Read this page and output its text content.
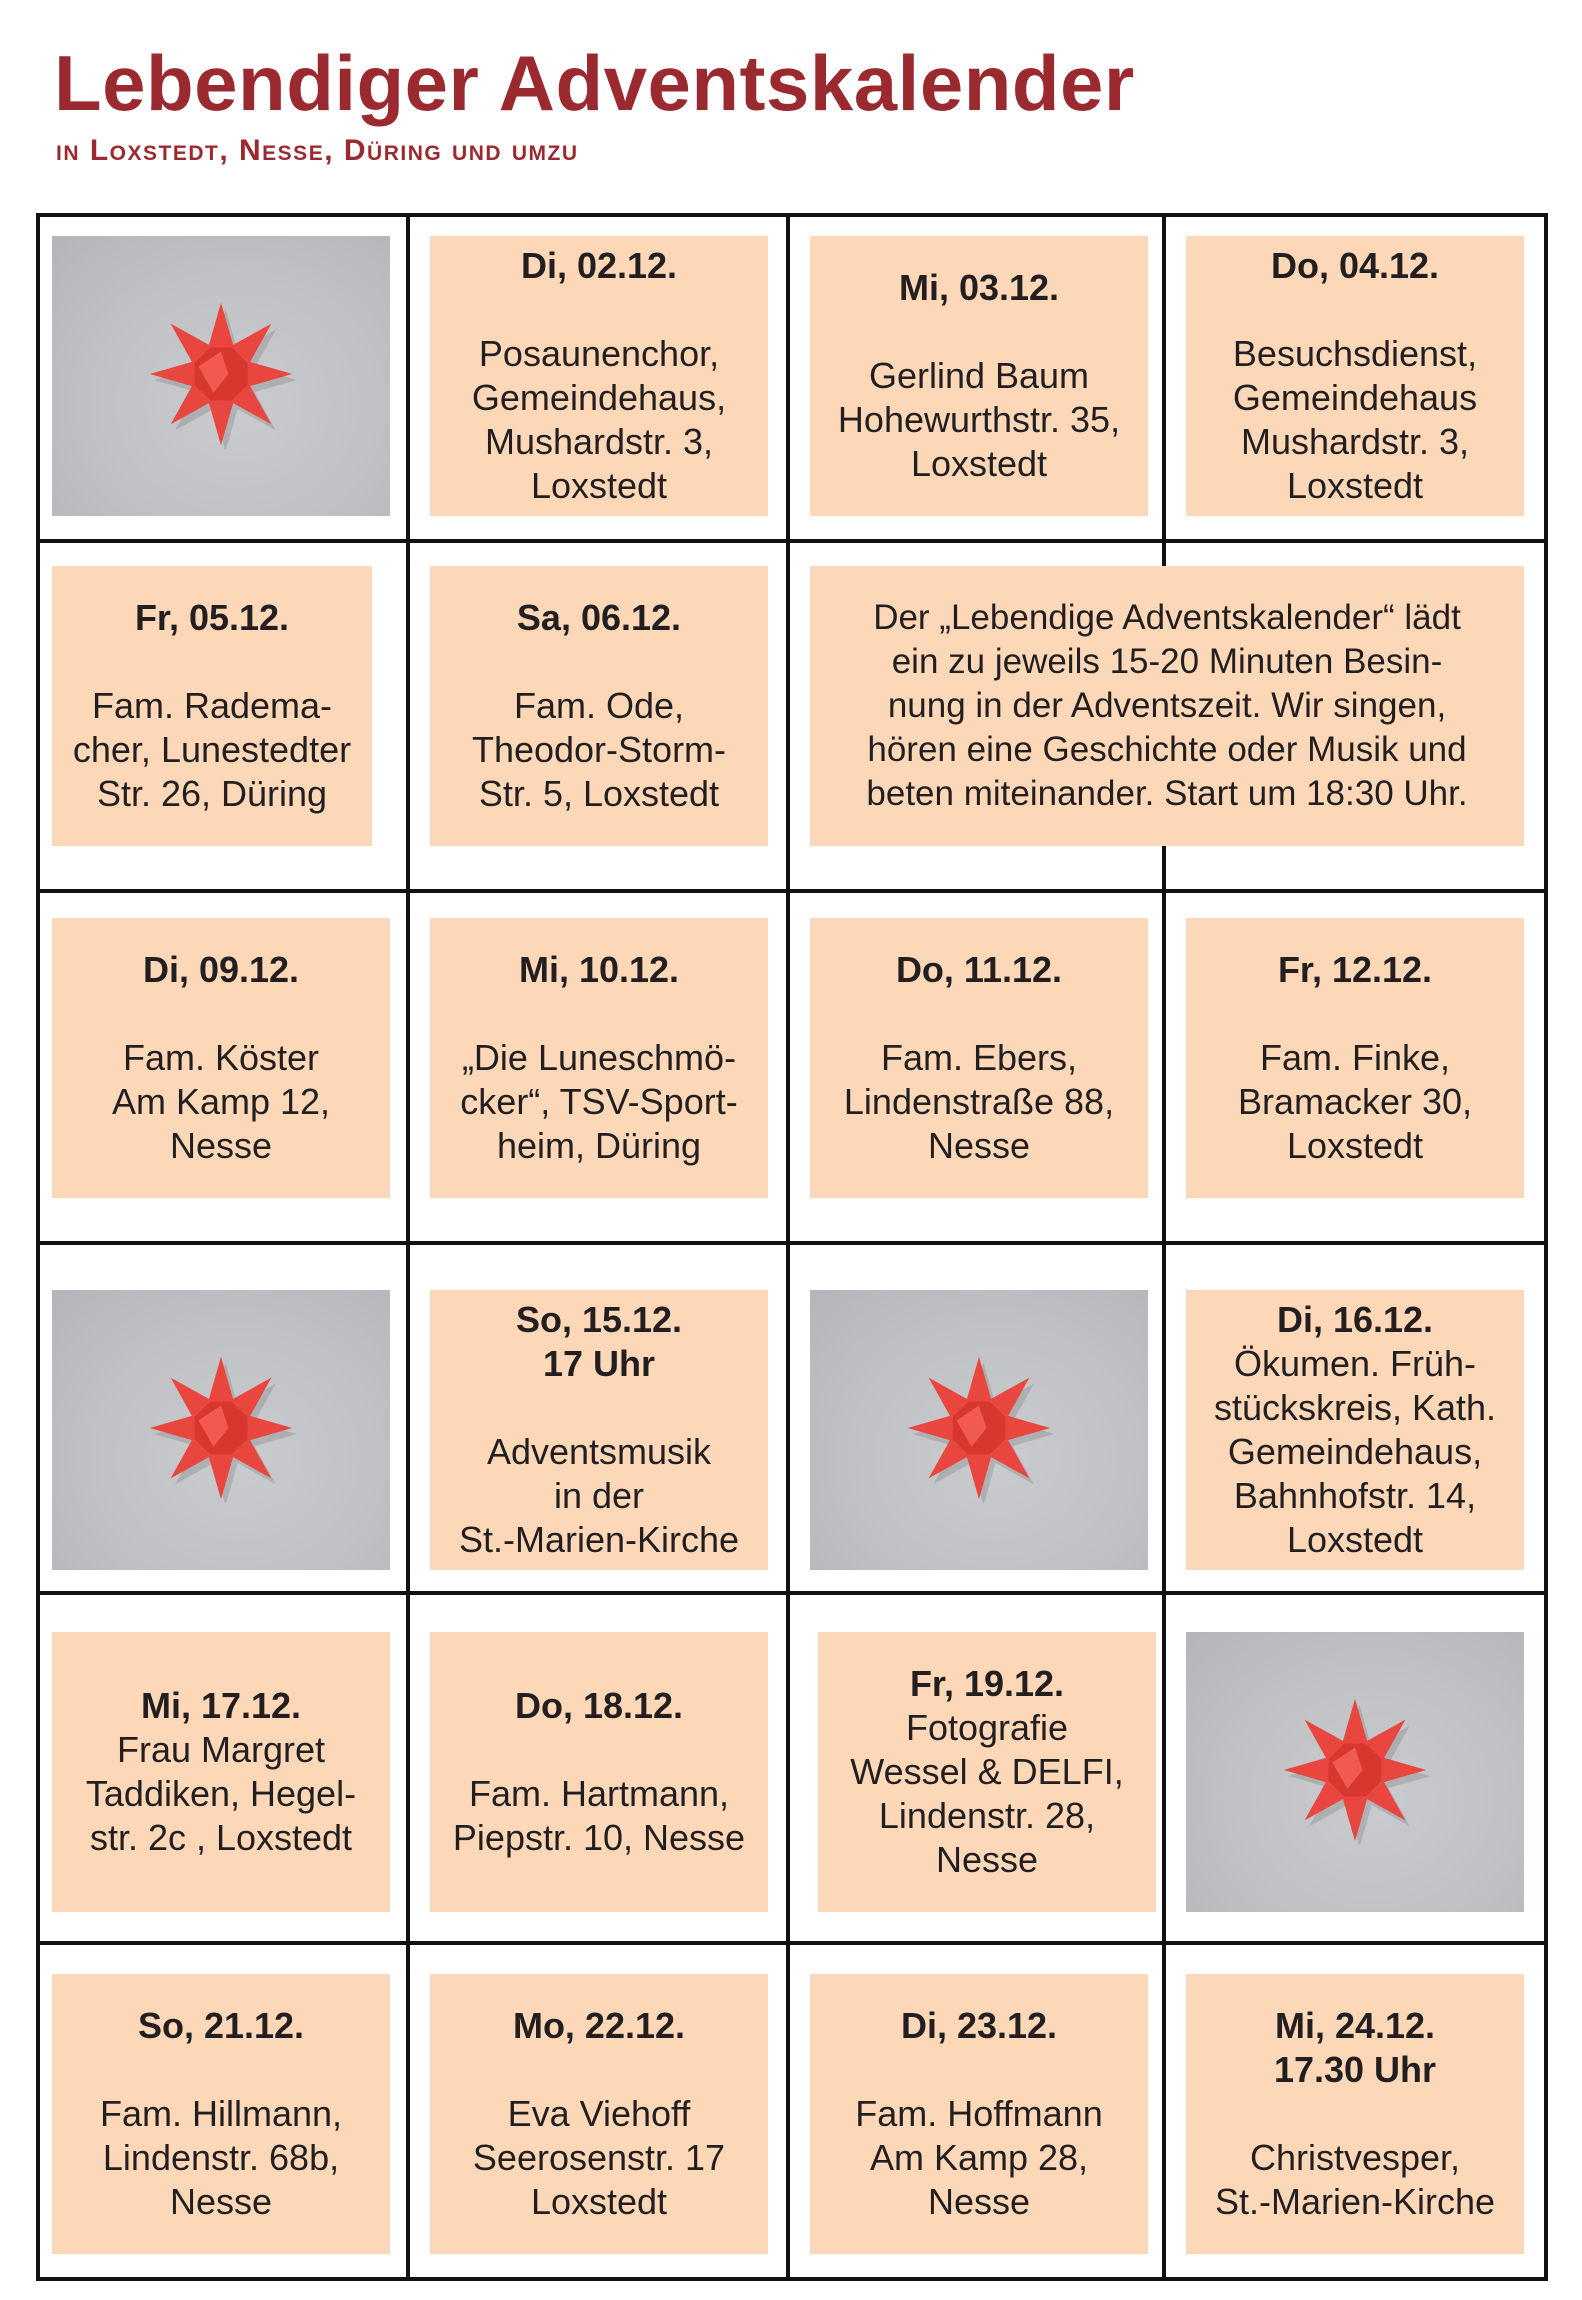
Lebendiger Adventskalender
in Loxstedt, Nesse, Düring und umzu
Di, 02.12.
Posaunenchor,
Gemeindehaus,
Mushardstr. 3,
Loxstedt
Mi, 03.12.
Gerlind Baum
Hohewurthstr. 35,
Loxstedt
Do, 04.12.
Besuchsdienst,
Gemeindehaus
Mushardstr. 3,
Loxstedt
Fr, 05.12.
Fam. Radema-
cher, Lunestedter
Str. 26, Düring
Sa, 06.12.
Fam. Ode,
Theodor-Storm-
Str. 5, Loxstedt
Der „Lebendige Adventskalender“ lädt
ein zu jeweils 15-20 Minuten Besin-
nung in der Adventszeit. Wir singen,
hören eine Geschichte oder Musik und
beten miteinander. Start um 18:30 Uhr.
Di, 09.12.
Fam. Köster
Am Kamp 12,
Nesse
Mi, 10.12.
„Die Luneschmö-
cker“, TSV-Sport-
heim, Düring
Do, 11.12.
Fam. Ebers,
Lindenstraße 88,
Nesse
Fr, 12.12.
Fam. Finke,
Bramacker 30,
Loxstedt
So, 15.12.
17 Uhr
Adventsmusik
in der
St.-Marien-Kirche
Di, 16.12.
Ökumen. Früh-
stückskreis, Kath.
Gemeindehaus,
Bahnhofstr. 14,
Loxstedt
Mi, 17.12.
Frau Margret
Taddiken, Hegel-
str. 2c , Loxstedt
Do, 18.12.
Fam. Hartmann,
Piepstr. 10, Nesse
Fr, 19.12.
Fotografie
Wessel & DELFI,
Lindenstr. 28,
Nesse
So, 21.12.
Fam. Hillmann,
Lindenstr. 68b,
Nesse
Mo, 22.12.
Eva Viehoff
Seerosenstr. 17
Loxstedt
Di, 23.12.
Fam. Hoffmann
Am Kamp 28,
Nesse
Mi, 24.12.
17.30 Uhr
Christvesper,
St.-Marien-Kirche
